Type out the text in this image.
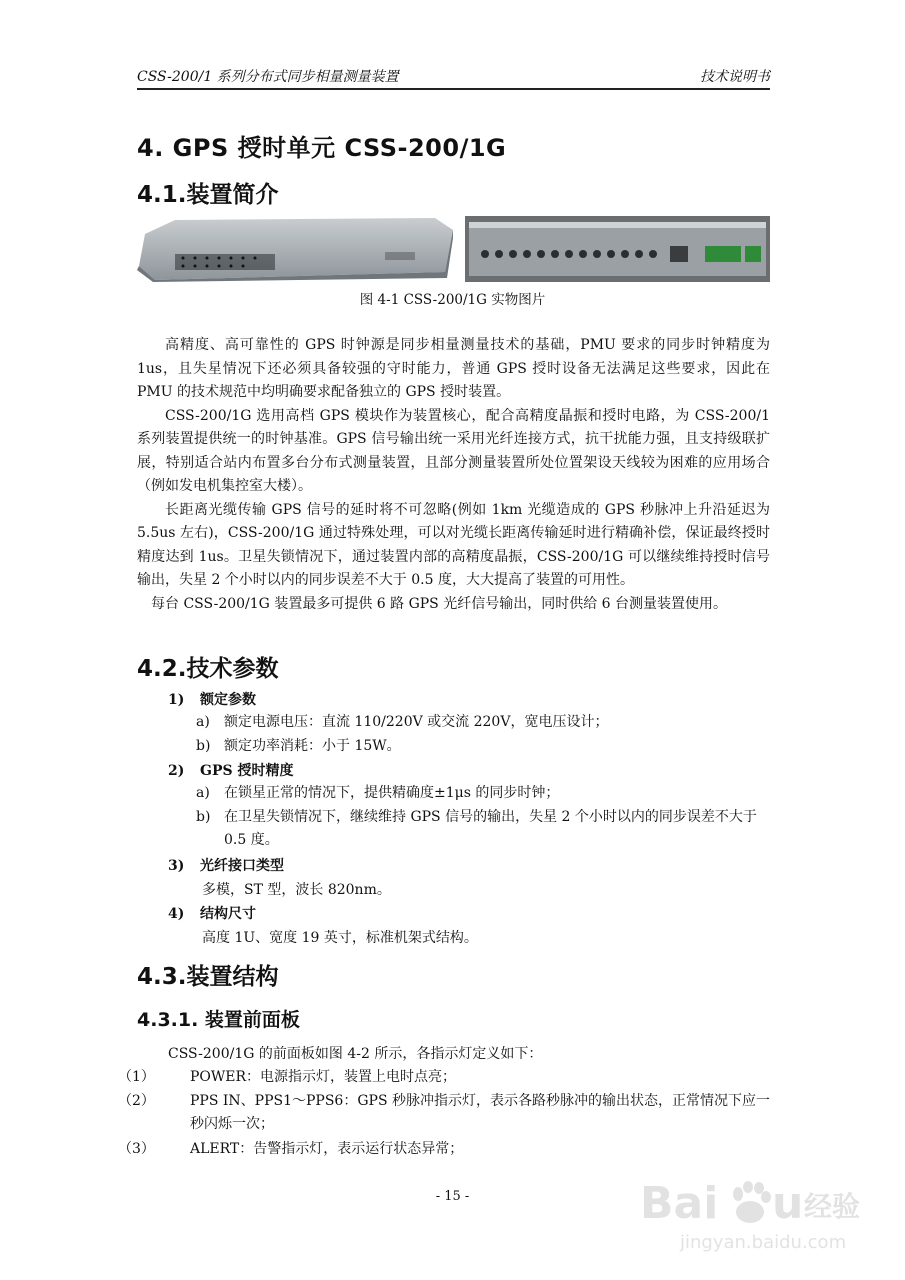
CSS-200/1 系列分布式同步相量测量装置	技术说明书
4. GPS 授时单元 CSS-200/1G
4.1.装置简介
图 4-1 CSS-200/1G 实物图片

高精度、高可靠性的 GPS 时钟源是同步相量测量技术的基础，PMU 要求的同步时钟精度为 1us，且失星情况下还必须具备较强的守时能力，普通 GPS 授时设备无法满足这些要求，因此在 PMU 的技术规范中均明确要求配备独立的 GPS 授时装置。

CSS-200/1G 选用高档 GPS 模块作为装置核心，配合高精度晶振和授时电路，为 CSS-200/1 系列装置提供统一的时钟基准。GPS 信号输出统一采用光纤连接方式，抗干扰能力强，且支持级联扩展，特别适合站内布置多台分布式测量装置，且部分测量装置所处位置架设天线较为困难的应用场合（例如发电机集控室大楼）。

长距离光缆传输 GPS 信号的延时将不可忽略(例如 1km 光缆造成的 GPS 秒脉冲上升沿延迟为 5.5us 左右)，CSS-200/1G 通过特殊处理，可以对光缆长距离传输延时进行精确补偿，保证最终授时精度达到 1us。卫星失锁情况下，通过装置内部的高精度晶振，CSS-200/1G 可以继续维持授时信号输出，失星 2 个小时以内的同步误差不大于 0.5 度，大大提高了装置的可用性。

每台 CSS-200/1G 装置最多可提供 6 路 GPS 光纤信号输出，同时供给 6 台测量装置使用。

4.2.技术参数
1) 额定参数
a) 额定电源电压：直流 110/220V 或交流 220V，宽电压设计；
b) 额定功率消耗：小于 15W。
2) GPS 授时精度
a) 在锁星正常的情况下，提供精确度±1μs 的同步时钟；
b) 在卫星失锁情况下，继续维持 GPS 信号的输出，失星 2 个小时以内的同步误差不大于 0.5 度。
3) 光纤接口类型
多模，ST 型，波长 820nm。
4) 结构尺寸
高度 1U、宽度 19 英寸，标准机架式结构。
4.3.装置结构
4.3.1. 装置前面板
CSS-200/1G 的前面板如图 4-2 所示，各指示灯定义如下：
（1）	POWER：电源指示灯，装置上电时点亮；
（2）	PPS IN、PPS1～PPS6：GPS 秒脉冲指示灯，表示各路秒脉冲的输出状态，正常情况下应一秒闪烁一次；
（3）	ALERT：告警指示灯，表示运行状态异常；
- 15 -	Bai u 经验
jingyan.baidu.com
